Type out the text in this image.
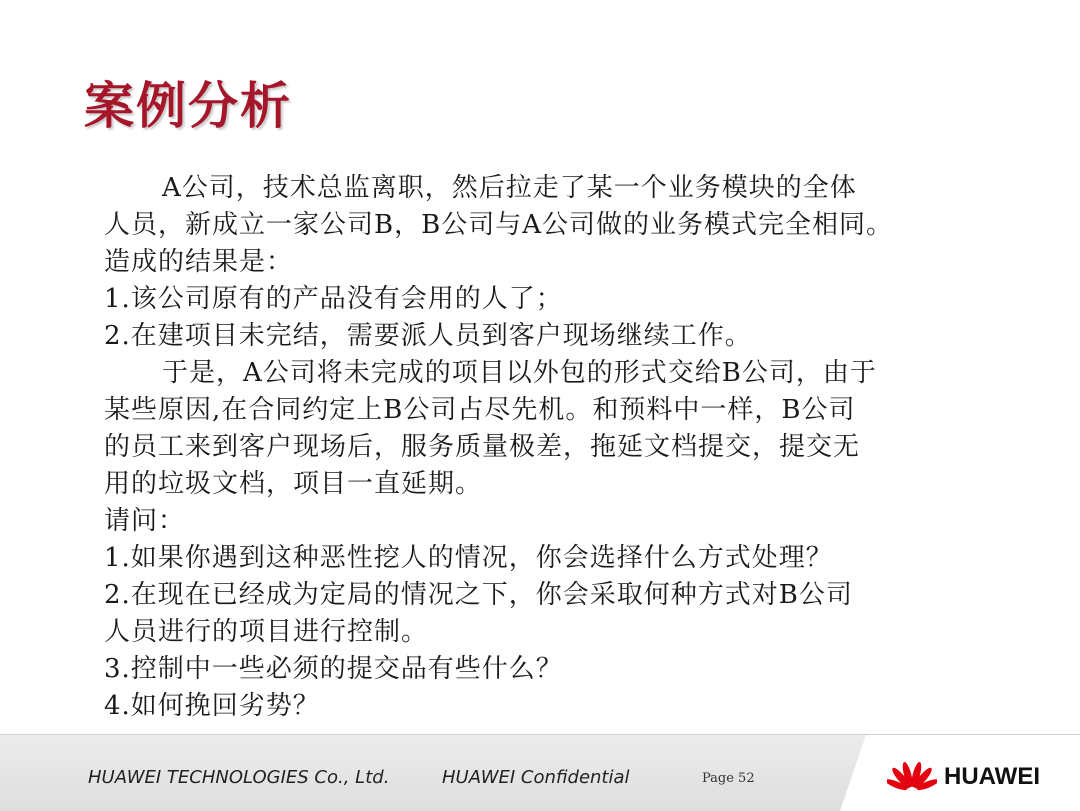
案例分析
A公司，技术总监离职，然后拉走了某一个业务模块的全体
人员，新成立一家公司B，B公司与A公司做的业务模式完全相同。
造成的结果是：
1.该公司原有的产品没有会用的人了；
2.在建项目未完结，需要派人员到客户现场继续工作。
于是，A公司将未完成的项目以外包的形式交给B公司，由于
某些原因,在合同约定上B公司占尽先机。和预料中一样，B公司
的员工来到客户现场后，服务质量极差，拖延文档提交，提交无
用的垃圾文档，项目一直延期。
请问：
1.如果你遇到这种恶性挖人的情况，你会选择什么方式处理？
2.在现在已经成为定局的情况之下，你会采取何种方式对B公司
人员进行的项目进行控制。
3.控制中一些必须的提交品有些什么？
4.如何挽回劣势？
HUAWEI TECHNOLOGIES Co., Ltd.	HUAWEI Confidential	Page 52	HUAWEI
